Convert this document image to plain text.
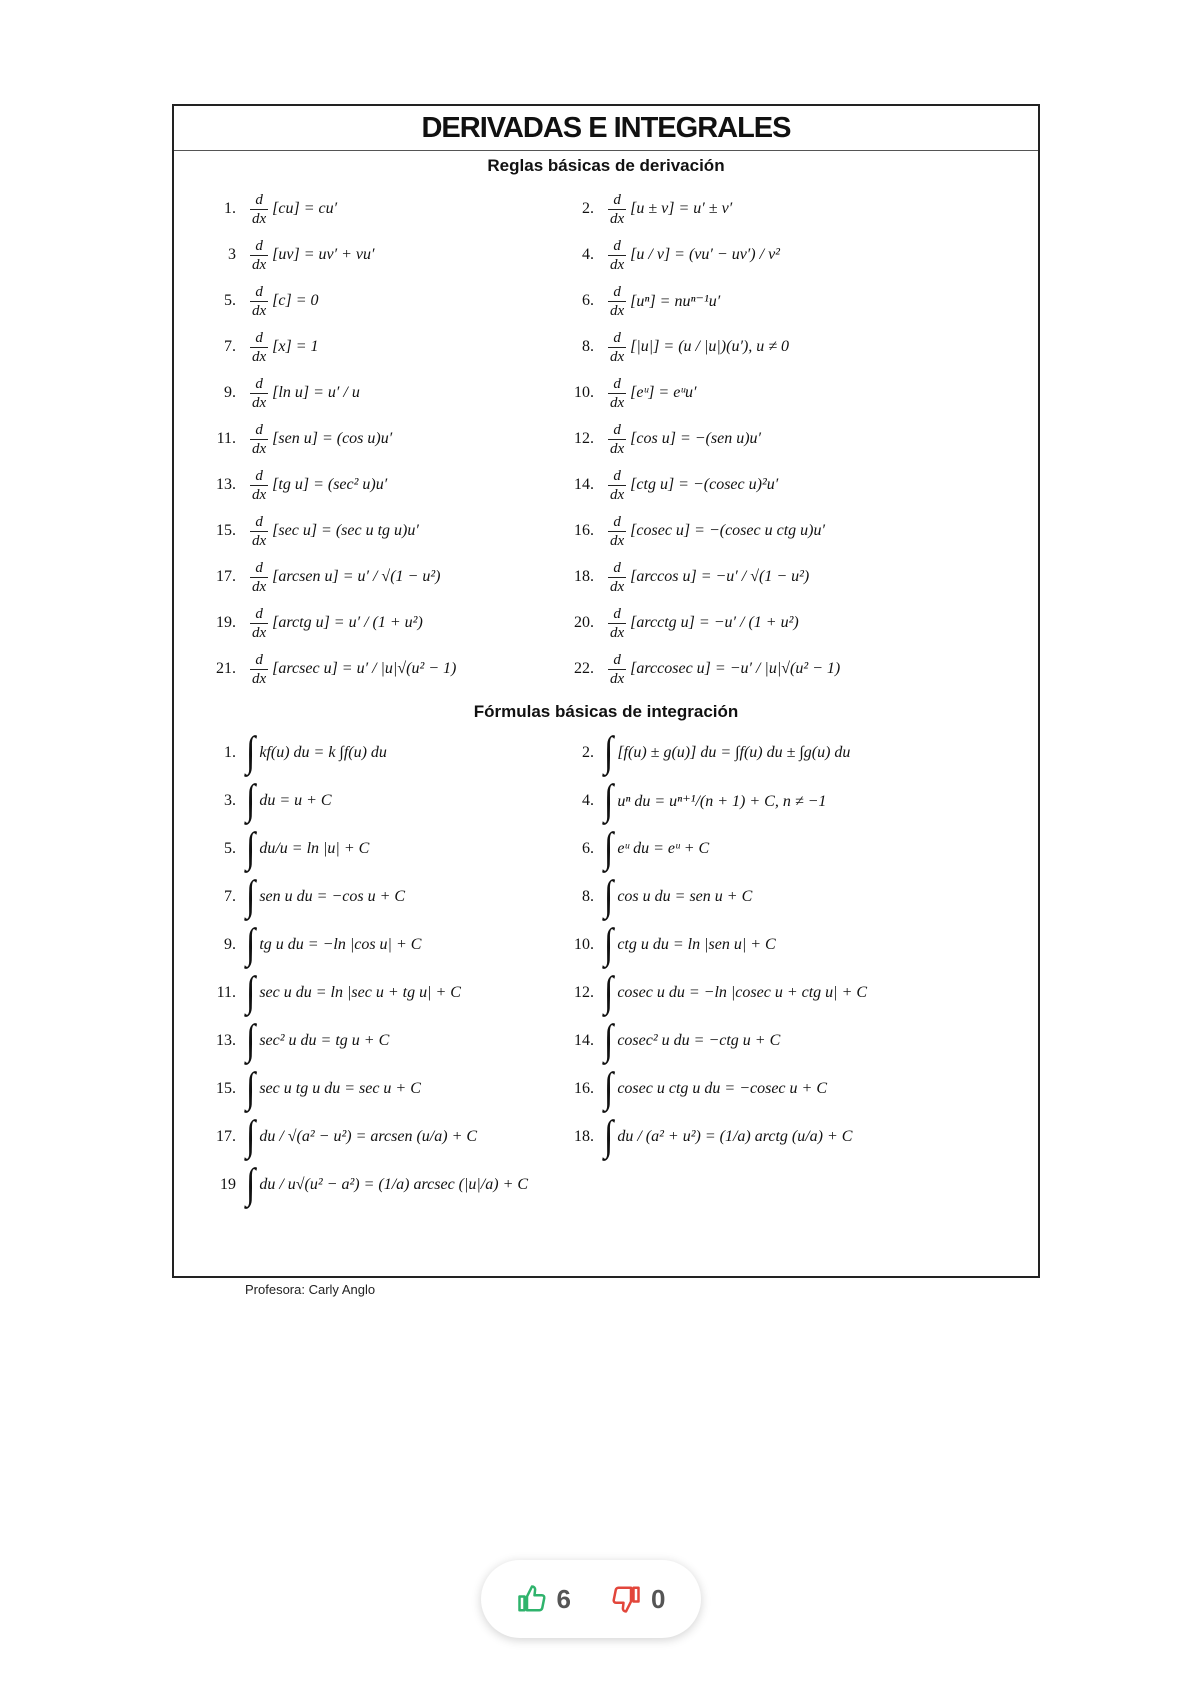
DERIVADAS E INTEGRALES
Reglas básicas de derivación
1. $\frac{d}{dx} [cu] = cu'$	2. $\frac{d}{dx} [u \pm v] = u' \pm v'$
$3 \frac{d}{dx} [uv] = uv' + vu'$	4. $\frac{d}{dx} [u / v] = (vu' - uv') / v^2$
5. $\frac{d}{dx} [c] = 0$	6. $\frac{d}{dx} [u^n] = nu^{n-1}u'$
7. $\frac{d}{dx} [x] = 1$	8. $\frac{d}{dx} [|u|] = (u / |u|)(u')$, u ≠ 0
9. $\frac{d}{dx} [\ln$ u] = u′ / u	10. $\frac{d}{dx}$ [eᵘ] = eᵘu′
11. $\frac{d}{dx} [sen$ u] = (cos u)u′	12. $\frac{d}{dx} [\cos$ u] = −(sen u)u′
13. $\frac{d}{dx} [tg$ u] = (sec² u)u′	14. $\frac{d}{dx} [ctg$ u] = −(cosec u)²u′
15. $\frac{d}{dx} [\sec$ u] = (sec u tg u)u′	16. $\frac{d}{dx} [cosec$ u] = −(cosec u ctg u)u′
17. $\frac{d}{dx}$ [arcsen u] = u′ / √(1 − u²)	18. $\frac{d}{dx} [\arccos$ u] = −u′ / √(1 − u²)
19. $\frac{d}{dx}$ [arctg u] = u′ / (1 + u²)	20. $\frac{d}{dx}$ [arcctg u] = −u′ / (1 + u²)
21. $\frac{d}{dx} [arcsec$ u] = u′ / |u|√(u² − 1)	22. $\frac{d}{dx}$ [arccosec u] = −u′ / |u|√(u² − 1)
Fórmulas básicas de integración
1. ∫ kf(u) du = k ∫f(u) du	2. ∫ [f(u) ± g(u)] du = ∫f(u) du ± ∫g(u) du
3. ∫ du = u + C	4. ∫ uⁿ du = uⁿ⁺¹/(n + 1) + C, n ≠ −1
5. ∫ du/u = ln |u| + C	6. ∫ eᵘ du = eᵘ + C
7. ∫ sen u du = −cos u + C	8. ∫ cos u du = sen u + C
9. ∫ tg u du = −ln |cos u| + C	10. ∫ ctg u du = ln |sen u| + C
11. ∫ sec u du = ln |sec u + tg u| + C	12. ∫ cosec u du = −ln |cosec u + ctg u| + C
13. ∫ sec² u du = tg u + C	14. ∫ cosec² u du = −ctg u + C
15. ∫ sec u tg u du = sec u + C	16. ∫ cosec u ctg u du = −cosec u + C
17. ∫ du / √(a² − u²) = arcsen (u/a) + C	18. ∫ du / (a² + u²) = (1/a) arctg (u/a) + C
19 ∫ du / u√(u² − a²) = (1/a) arcsec (|u|/a) + C
Profesora: Carly Anglo
6	0
